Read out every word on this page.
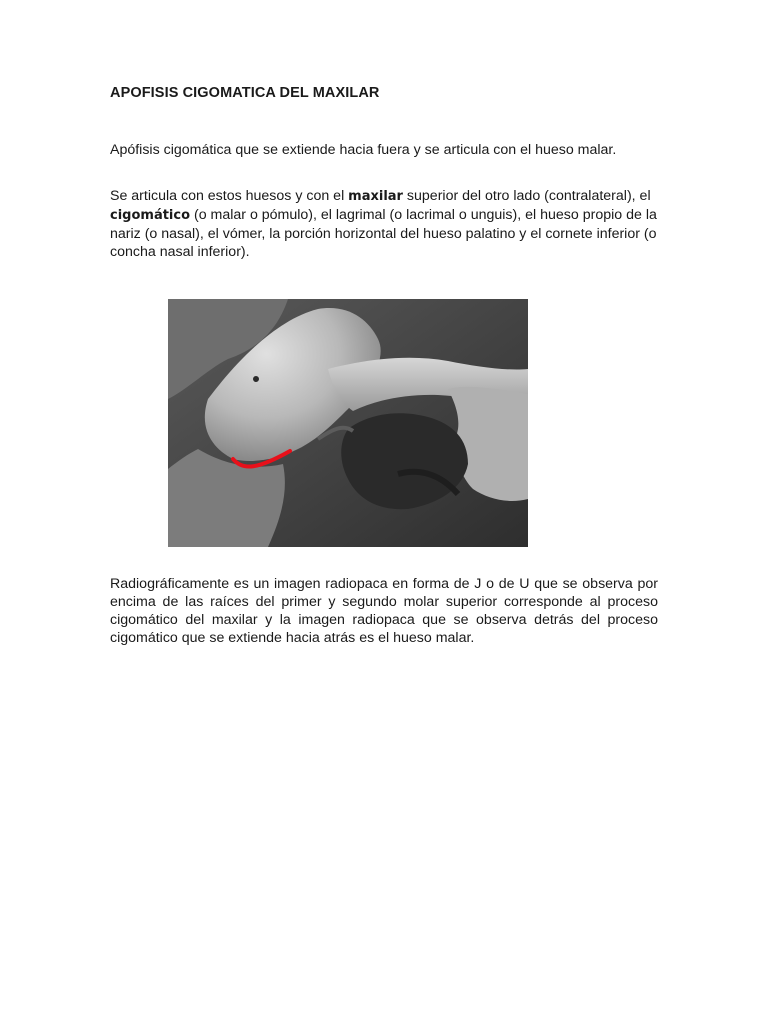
APOFISIS CIGOMATICA DEL MAXILAR

Apófisis cigomática que se extiende hacia fuera y se articula con el hueso malar.

Se articula con estos huesos y con el maxilar superior del otro lado (contralateral), el cigomático (o malar o pómulo), el lagrimal (o lacrimal o unguis), el hueso propio de la nariz (o nasal), el vómer, la porción horizontal del hueso palatino y el cornete inferior (o concha nasal inferior).

Radiográficamente es un imagen radiopaca en forma de J o de U que se observa por encima de las raíces del primer y segundo molar superior corresponde al proceso cigomático del maxilar y la imagen radiopaca que se observa detrás del proceso cigomático que se extiende hacia atrás es el hueso malar.
